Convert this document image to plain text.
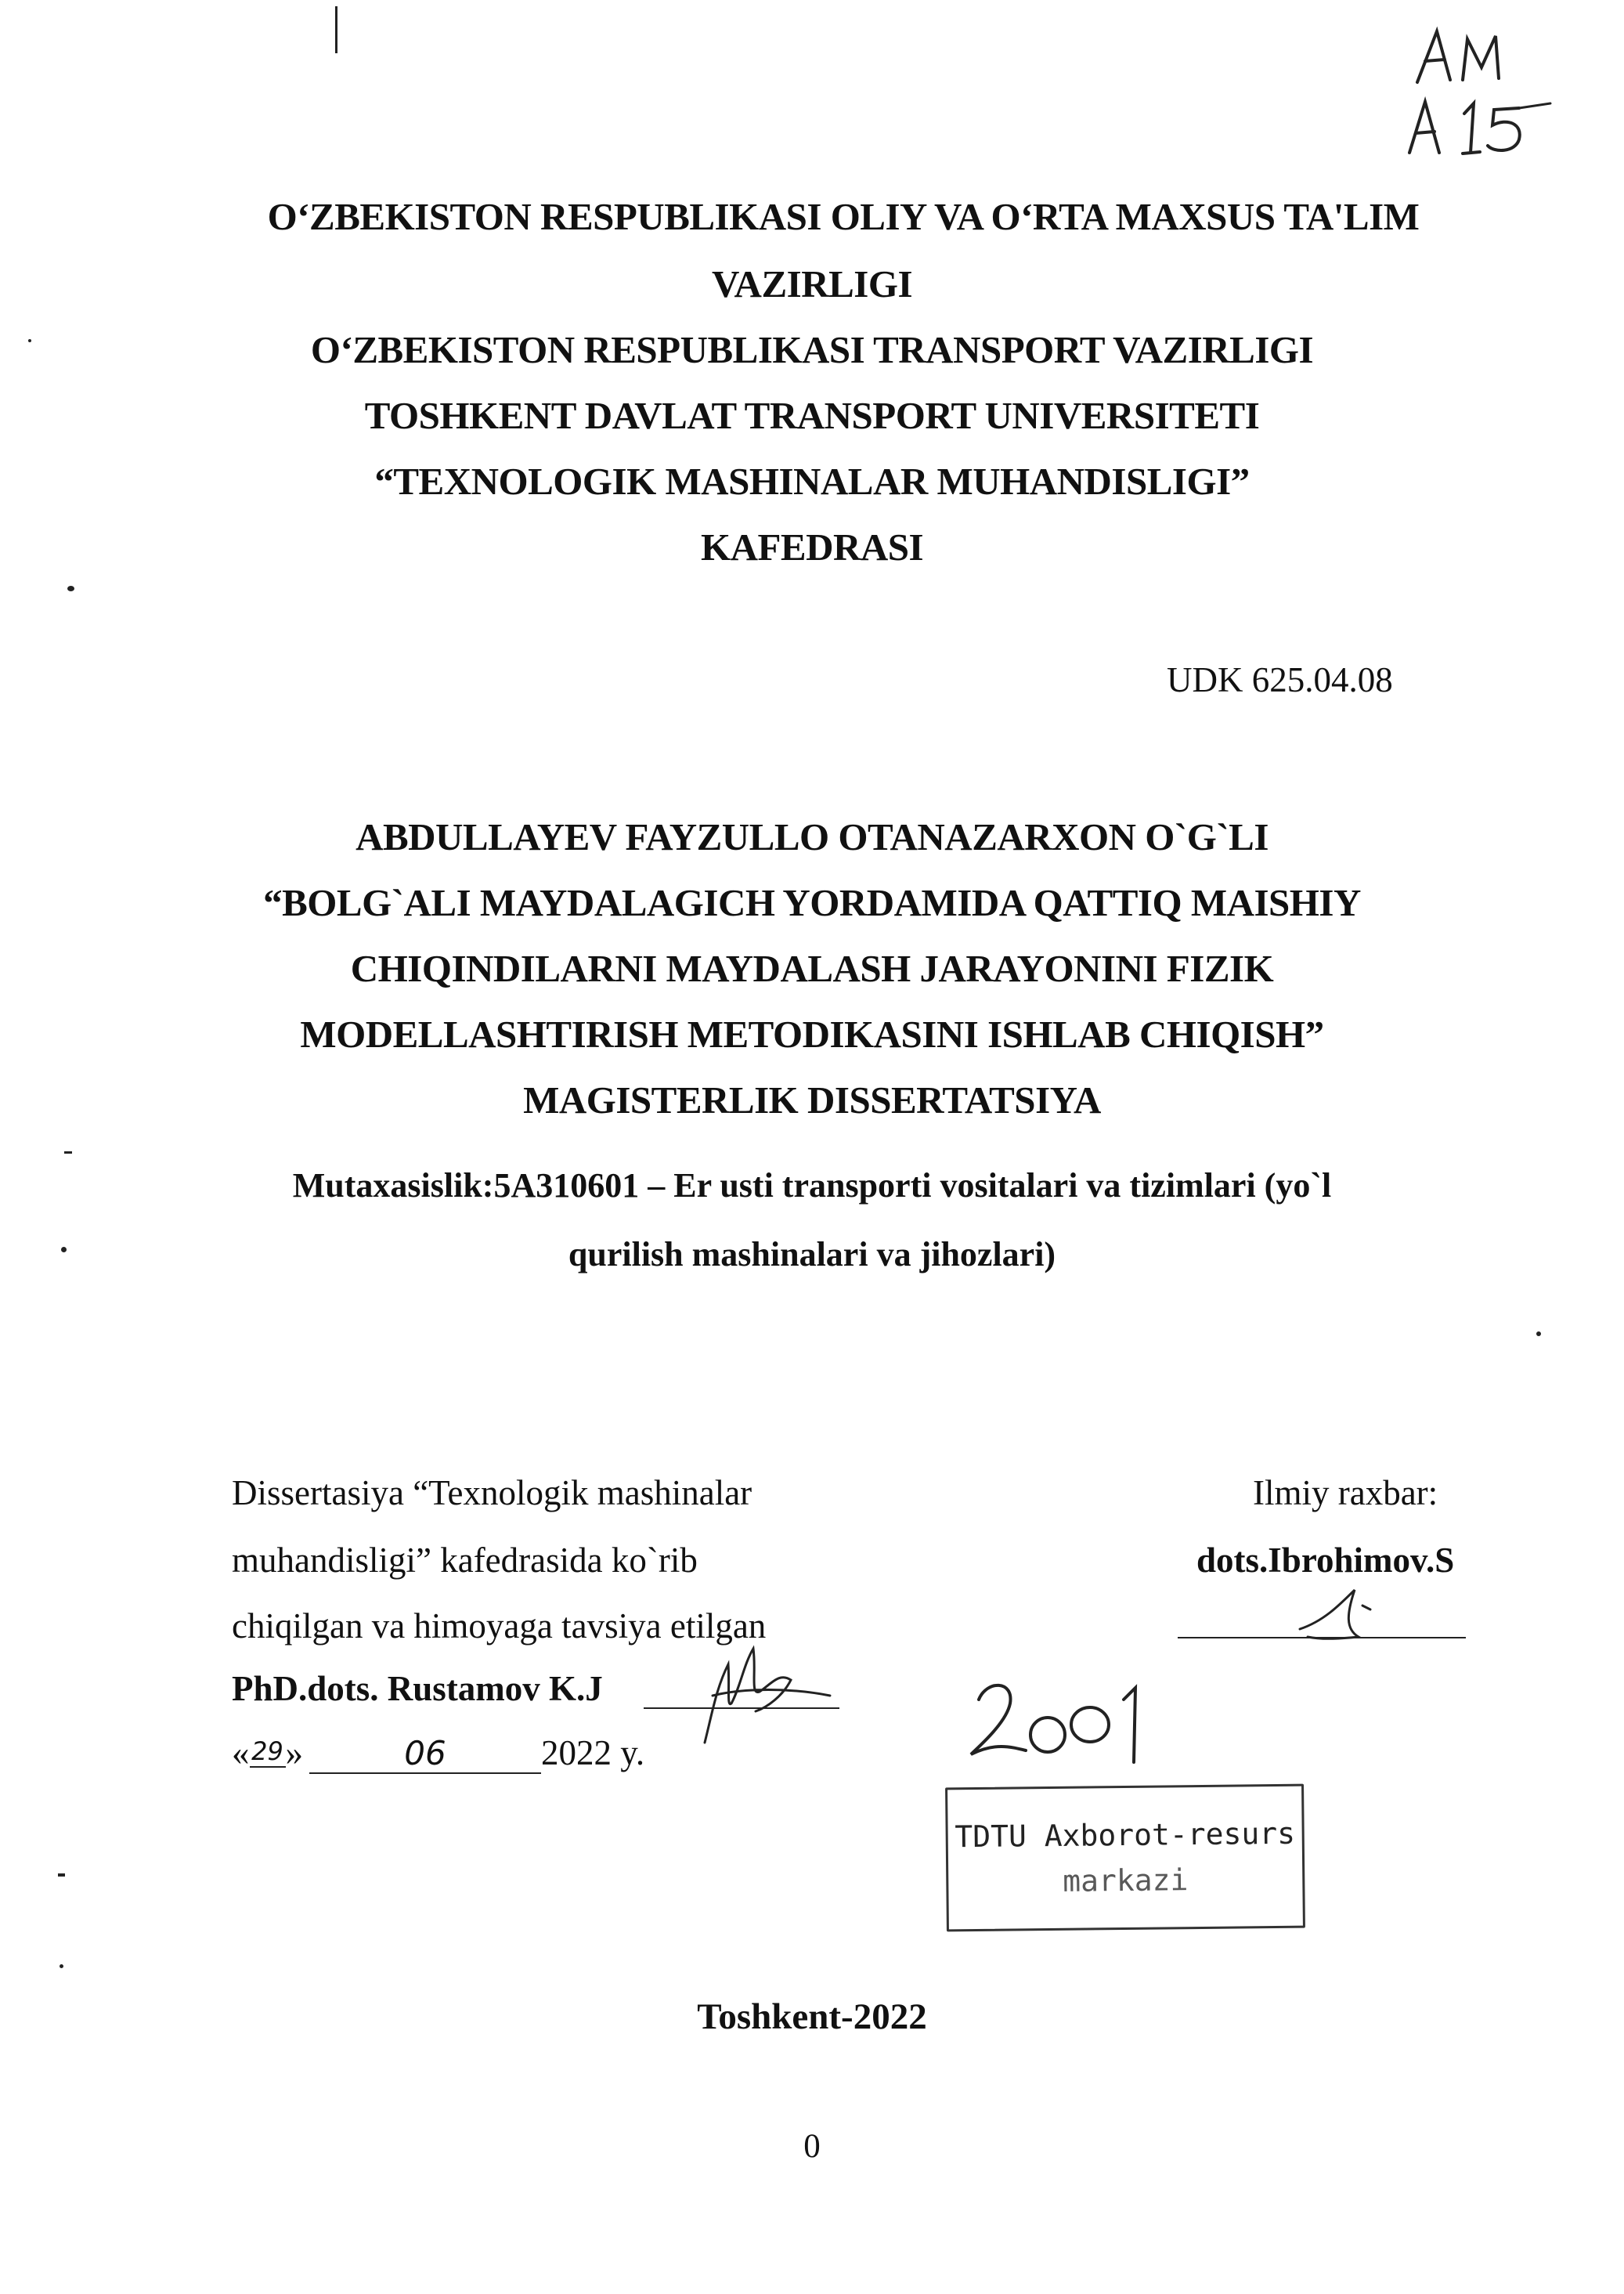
O‘ZBEKISTON RESPUBLIKASI OLIY VA O‘RTA MAXSUS TA'LIM
VAZIRLIGI
O‘ZBEKISTON RESPUBLIKASI TRANSPORT VAZIRLIGI
TOSHKENT DAVLAT TRANSPORT UNIVERSITETI
“TEXNOLOGIK MASHINALAR MUHANDISLIGI”
KAFEDRASI
UDK 625.04.08
ABDULLAYEV FAYZULLO OTANAZARXON O`G`LI
“BOLG`ALI MAYDALAGICH YORDAMIDA QATTIQ MAISHIY
CHIQINDILARNI MAYDALASH JARAYONINI FIZIK
MODELLASHTIRISH METODIKASINI ISHLAB CHIQISH”
MAGISTERLIK DISSERTATSIYA
Mutaxasislik:5A310601 – Er usti transporti vositalari va tizimlari (yo`l
qurilish mashinalari va jihozlari)
Dissertasiya “Texnologik mashinalar
muhandisligi” kafedrasida ko`rib
chiqilgan va himoyaga tavsiya etilgan
PhD.dots. Rustamov K.J
«29»	06	2022 y.
Ilmiy raxbar:
dots.Ibrohimov.S
TDTU Axborot-resurs
markazi
Toshkent-2022
0
